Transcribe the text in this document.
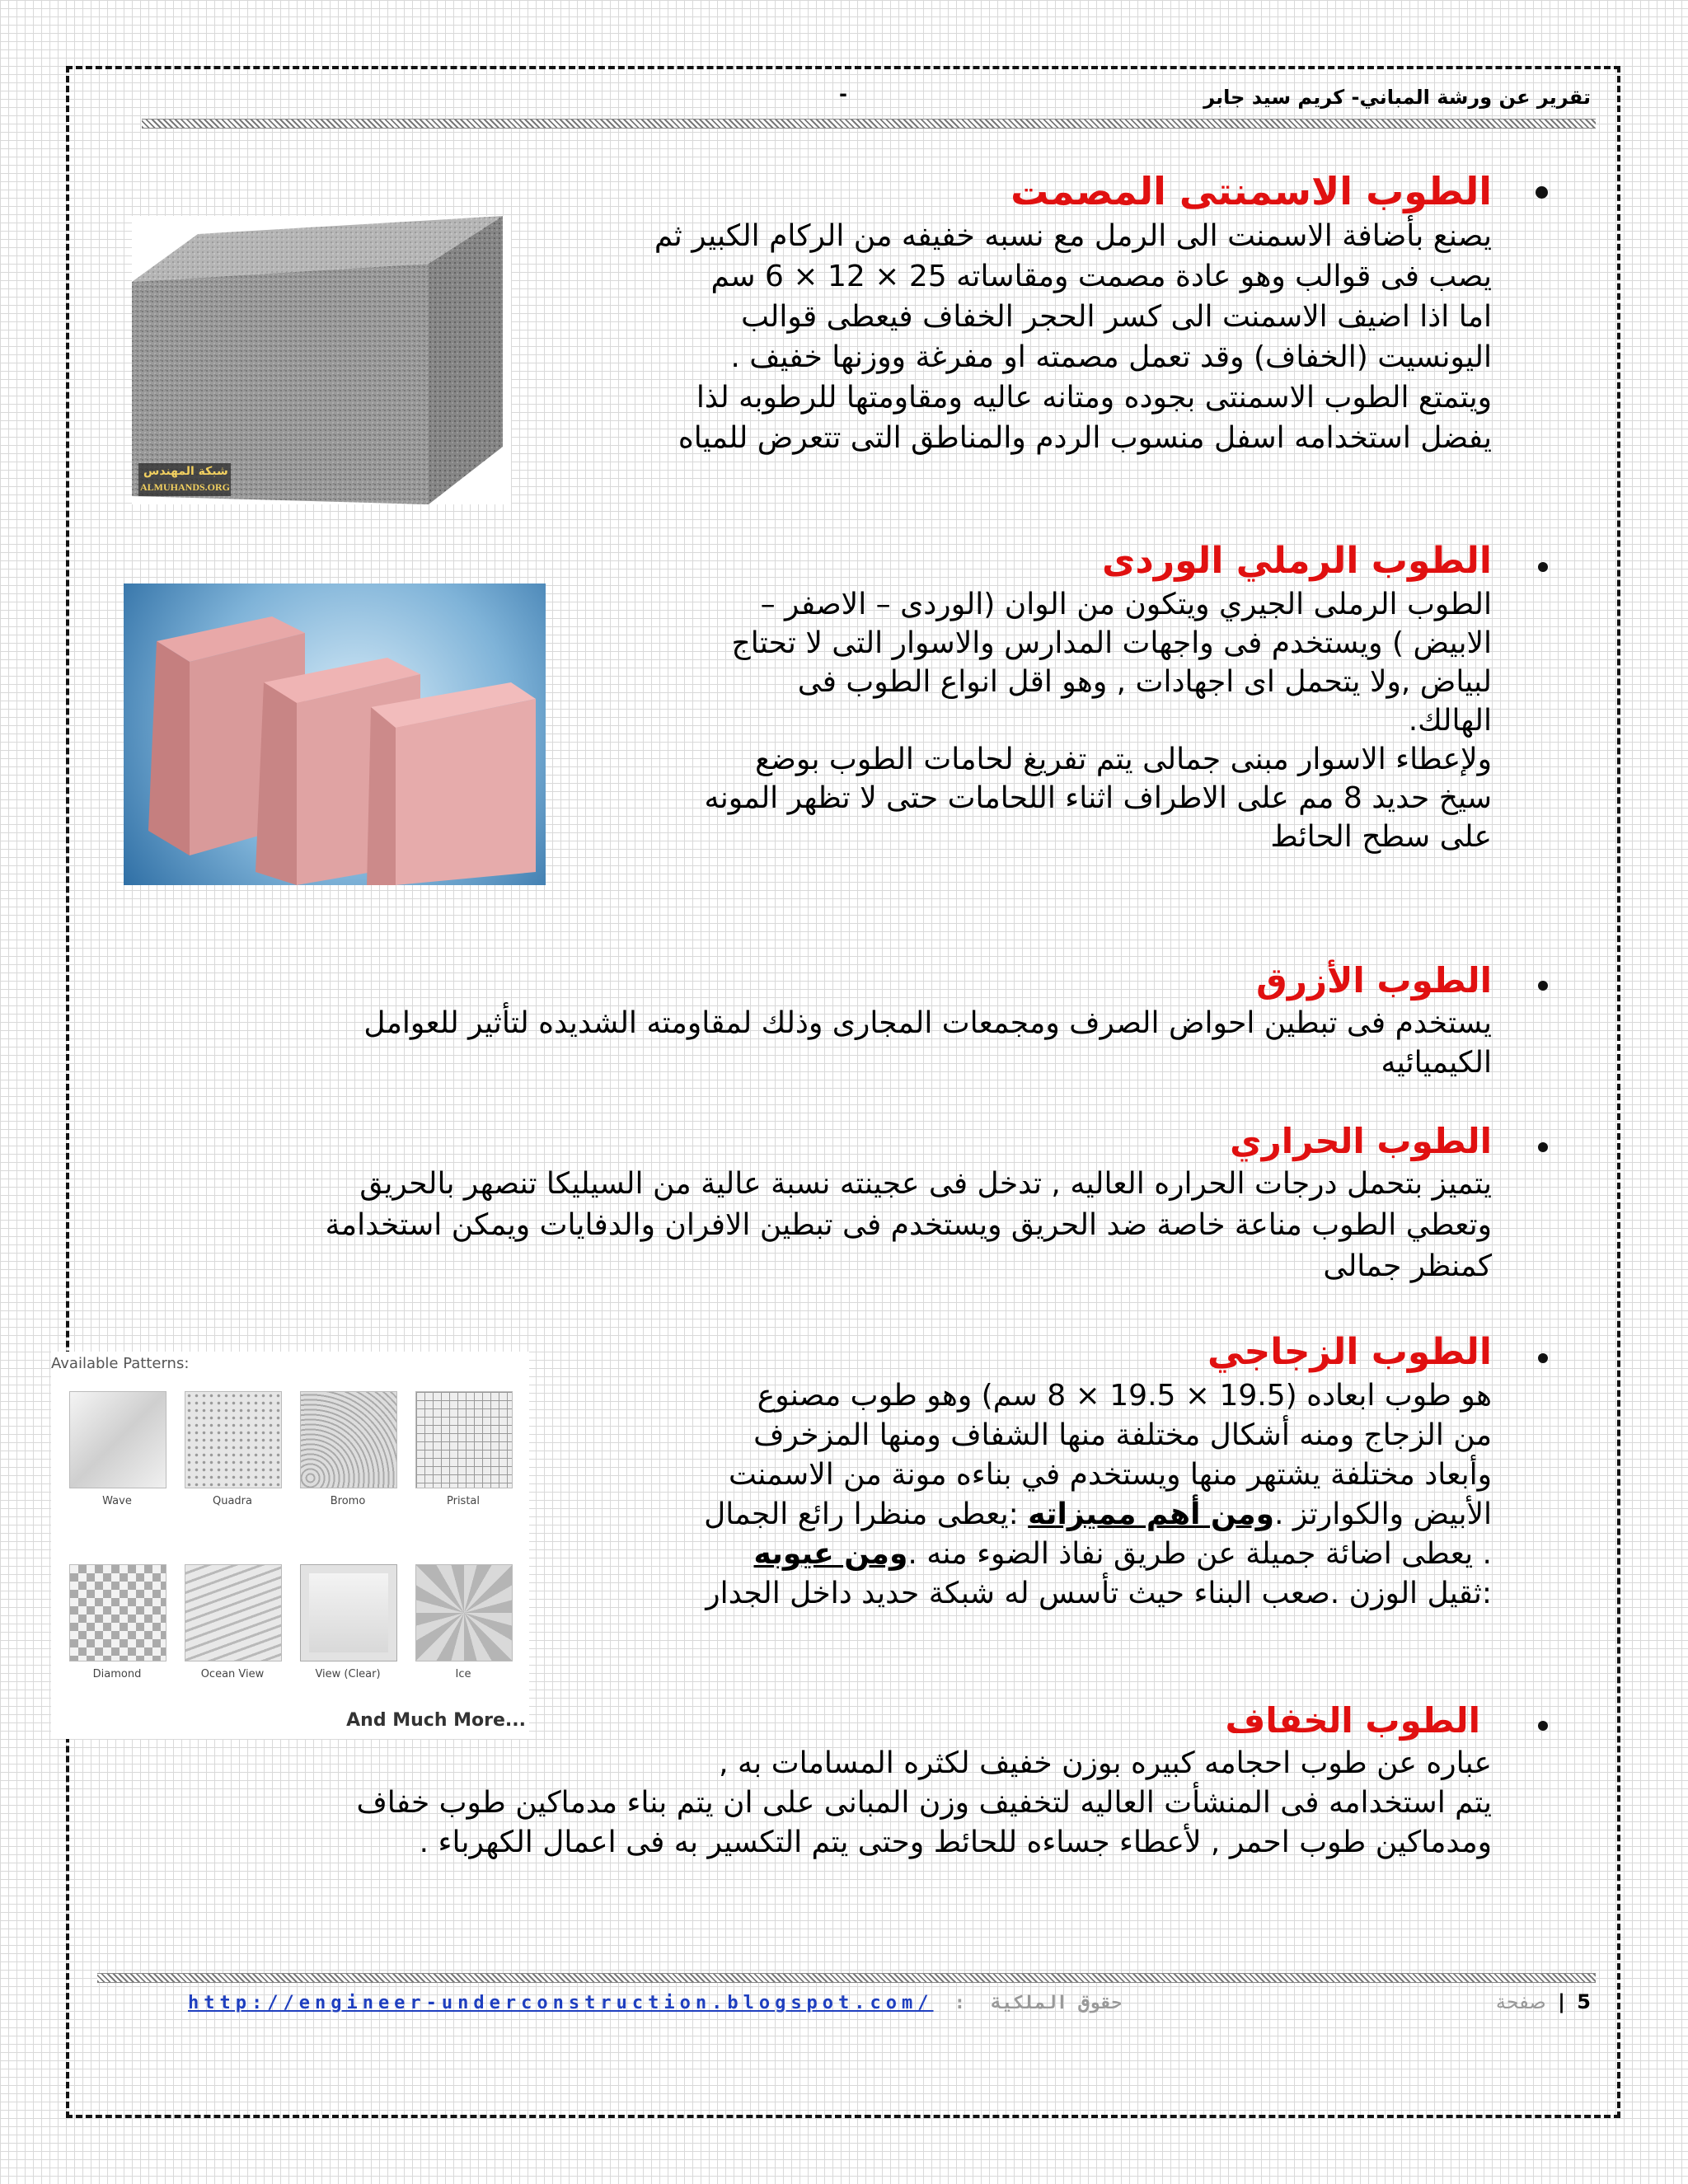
تقرير عن ورشة المباني- كريم سيد جابر
-
الطوب الاسمنتى المصمت

يصنع بأضافة الاسمنت الى الرمل مع نسبه خفيفه من الركام الكبير ثم

يصب فى قوالب وهو عادة مصمت ومقاساته 25 × 12 × 6 سم

اما اذا اضيف الاسمنت الى كسر الحجر الخفاف فيعطى قوالب

اليونسيت (الخفاف) وقد تعمل مصمته او مفرغة ووزنها خفيف .

ويتمتع الطوب الاسمنتى بجوده ومتانه عاليه ومقاومتها للرطوبه لذا

يفضل استخدامه اسفل منسوب الردم والمناطق التى تتعرض للمياه

شبكة المهندس
ALMUHANDS.ORG
الطوب الرملي الوردى

الطوب الرملى الجيري ويتكون من الوان (الوردى – الاصفر –

الابيض ) ويستخدم فى واجهات المدارس والاسوار التى لا تحتاج

لبياض ,ولا يتحمل اى اجهادات , وهو اقل انواع الطوب فى

الهالك.

ولإعطاء الاسوار مبنى جمالى يتم تفريغ لحامات الطوب بوضع

سيخ حديد 8 مم على الاطراف اثناء اللحامات حتى لا تظهر المونه

على سطح الحائط

الطوب الأزرق

يستخدم فى تبطين احواض الصرف ومجمعات المجارى وذلك لمقاومته الشديده لتأثير للعوامل

الكيميائيه

الطوب الحراري

يتميز بتحمل درجات الحراره العاليه , تدخل فى عجينته نسبة عالية من السيليكا تنصهر بالحريق

وتعطي الطوب مناعة خاصة ضد الحريق ويستخدم فى تبطين الافران والدفايات ويمكن استخدامة

كمنظر جمالى

الطوب الزجاجي

هو طوب ابعاده (19.5 × 19.5 × 8 سم) وهو طوب مصنوع

من الزجاج ومنه أشكال مختلفة منها الشفاف ومنها المزخرف

وأبعاد مختلفة يشتهر منها ويستخدم في بناءه مونة من الاسمنت

الأبيض والكوارتز .ومن أهم مميزاته :يعطى منظرا رائع الجمال

. يعطى اضائة جميلة عن طريق نفاذ الضوء منه .ومن عيوبه

:ثقيل الوزن .صعب البناء حيث تأسس له شبكة حديد داخل الجدار

Available Patterns:
Wave	Quadra	Bromo	Pristal
Diamond	Ocean View	View (Clear)	Ice
And Much More...	الطوب الخفاف

عباره عن طوب احجامه كبيره بوزن خفيف لكثره المسامات به ,

يتم استخدامه فى المنشأت العاليه لتخفيف وزن المبانى على ان يتم بناء مدماكين طوب خفاف

ومدماكين طوب احمر , لأعطاء جساءه للحائط وحتى يتم التكسير به فى اعمال الكهرباء .

http://engineer-underconstruction.blogspot.com/ : حقوق الملكية	5 | صفحة
